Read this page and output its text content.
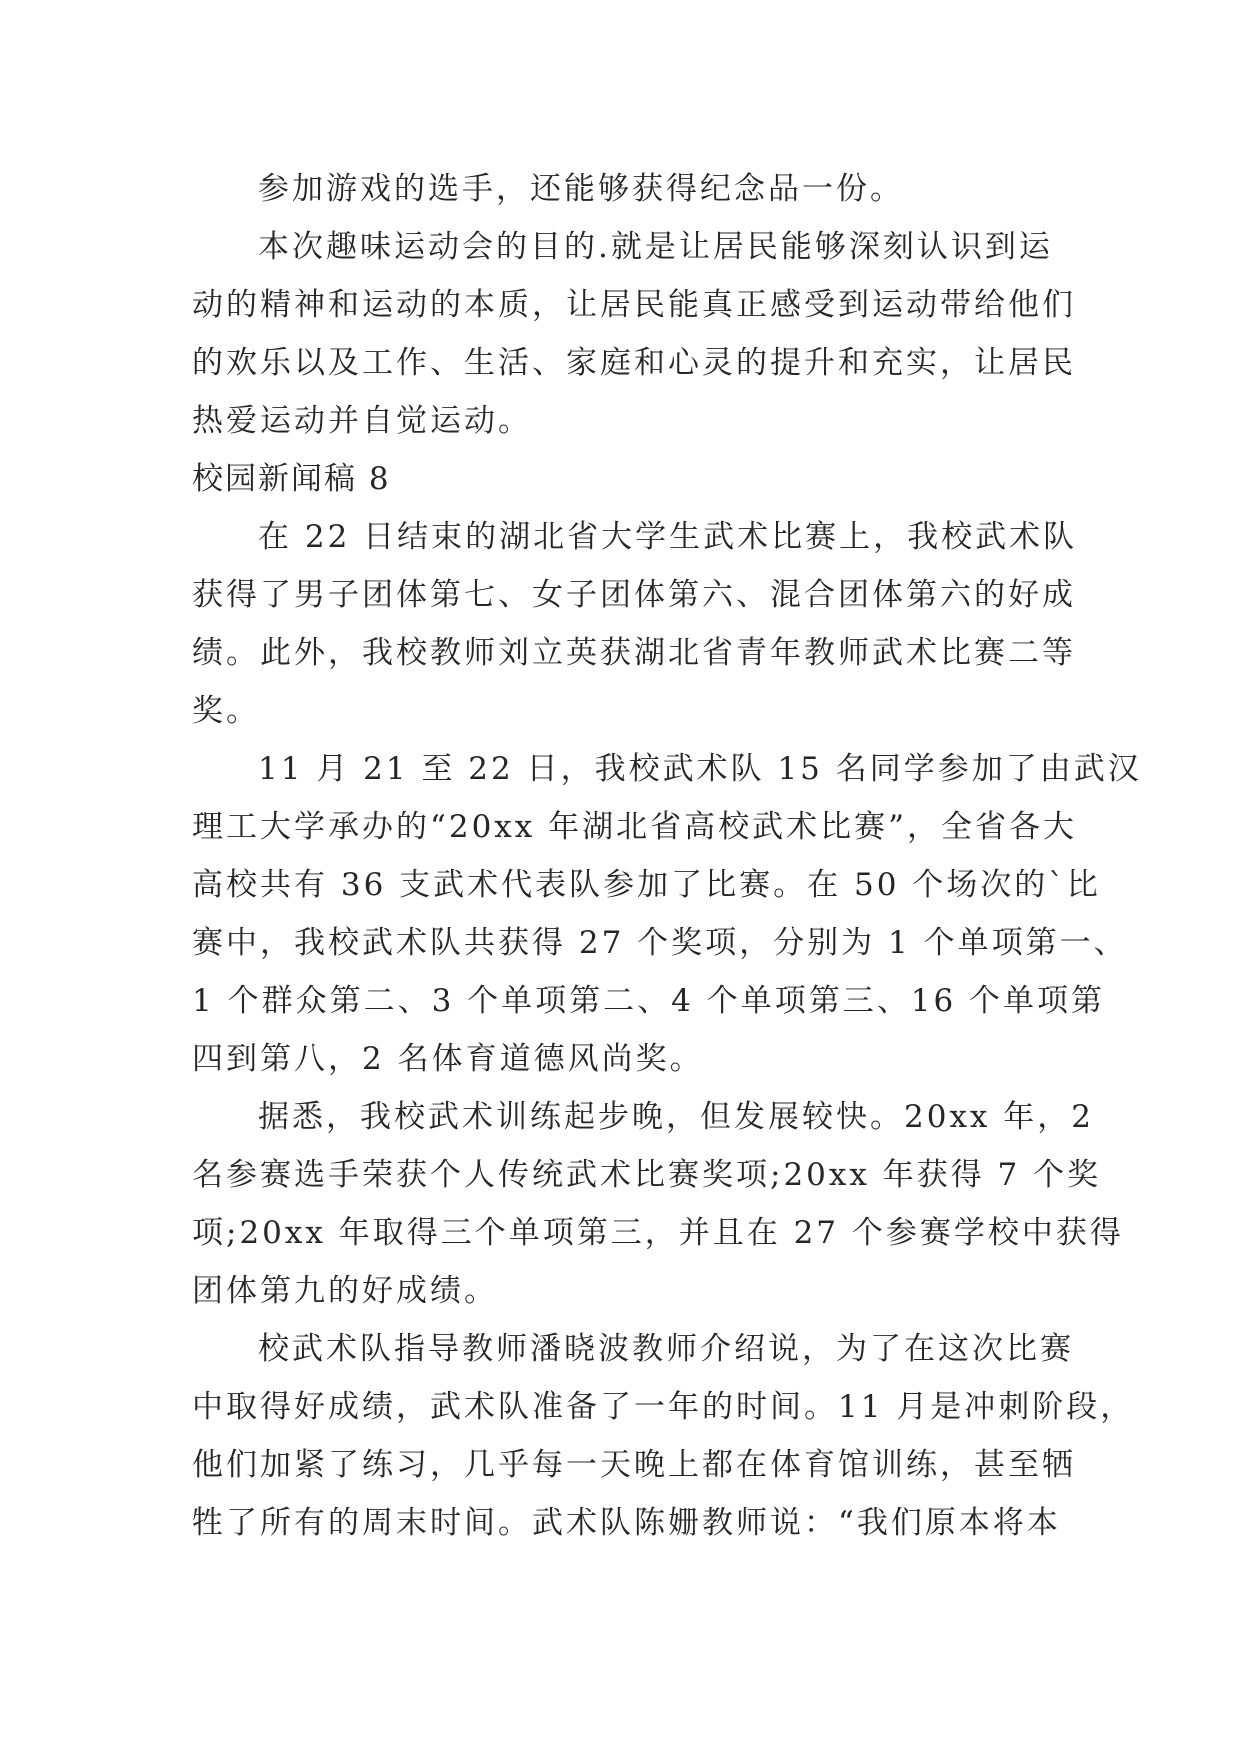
参加游戏的选手，还能够获得纪念品一份。
本次趣味运动会的目的.就是让居民能够深刻认识到运
动的精神和运动的本质，让居民能真正感受到运动带给他们
的欢乐以及工作、生活、家庭和心灵的提升和充实，让居民
热爱运动并自觉运动。
校园新闻稿 8
在 22 日结束的湖北省大学生武术比赛上，我校武术队
获得了男子团体第七、女子团体第六、混合团体第六的好成
绩。此外，我校教师刘立英获湖北省青年教师武术比赛二等
奖。
11 月 21 至 22 日，我校武术队 15 名同学参加了由武汉
理工大学承办的“20xx 年湖北省高校武术比赛”，全省各大
高校共有 36 支武术代表队参加了比赛。在 50 个场次的`比
赛中，我校武术队共获得 27 个奖项，分别为 1 个单项第一、
1 个群众第二、3 个单项第二、4 个单项第三、16 个单项第
四到第八，2 名体育道德风尚奖。
据悉，我校武术训练起步晚，但发展较快。20xx 年，2
名参赛选手荣获个人传统武术比赛奖项;20xx 年获得 7 个奖
项;20xx 年取得三个单项第三，并且在 27 个参赛学校中获得
团体第九的好成绩。
校武术队指导教师潘晓波教师介绍说，为了在这次比赛
中取得好成绩，武术队准备了一年的时间。11 月是冲刺阶段，
他们加紧了练习，几乎每一天晚上都在体育馆训练，甚至牺
牲了所有的周末时间。武术队陈姗教师说：“我们原本将本
